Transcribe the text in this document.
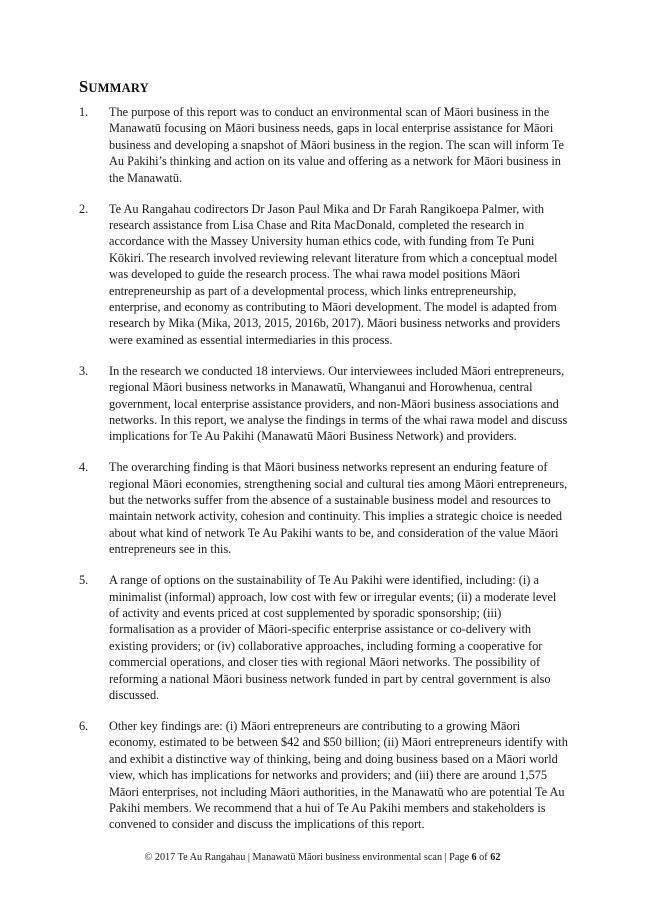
SUMMARY
1. The purpose of this report was to conduct an environmental scan of Māori business in the Manawatū focusing on Māori business needs, gaps in local enterprise assistance for Māori business and developing a snapshot of Māori business in the region. The scan will inform Te Au Pakihi’s thinking and action on its value and offering as a network for Māori business in the Manawatū.

2. Te Au Rangahau codirectors Dr Jason Paul Mika and Dr Farah Rangikoepa Palmer, with research assistance from Lisa Chase and Rita MacDonald, completed the research in accordance with the Massey University human ethics code, with funding from Te Puni Kōkiri. The research involved reviewing relevant literature from which a conceptual model was developed to guide the research process. The whai rawa model positions Māori entrepreneurship as part of a developmental process, which links entrepreneurship, enterprise, and economy as contributing to Māori development. The model is adapted from research by Mika (Mika, 2013, 2015, 2016b, 2017). Māori business networks and providers were examined as essential intermediaries in this process.

3. In the research we conducted 18 interviews. Our interviewees included Māori entrepreneurs, regional Māori business networks in Manawatū, Whanganui and Horowhenua, central government, local enterprise assistance providers, and non-Māori business associations and networks. In this report, we analyse the findings in terms of the whai rawa model and discuss implications for Te Au Pakihi (Manawatū Māori Business Network) and providers.

4. The overarching finding is that Māori business networks represent an enduring feature of regional Māori economies, strengthening social and cultural ties among Māori entrepreneurs, but the networks suffer from the absence of a sustainable business model and resources to maintain network activity, cohesion and continuity. This implies a strategic choice is needed about what kind of network Te Au Pakihi wants to be, and consideration of the value Māori entrepreneurs see in this.

5. A range of options on the sustainability of Te Au Pakihi were identified, including: (i) a minimalist (informal) approach, low cost with few or irregular events; (ii) a moderate level of activity and events priced at cost supplemented by sporadic sponsorship; (iii) formalisation as a provider of Māori-specific enterprise assistance or co-delivery with existing providers; or (iv) collaborative approaches, including forming a cooperative for commercial operations, and closer ties with regional Māori networks. The possibility of reforming a national Māori business network funded in part by central government is also discussed.

6. Other key findings are: (i) Māori entrepreneurs are contributing to a growing Māori economy, estimated to be between $42 and $50 billion; (ii) Māori entrepreneurs identify with and exhibit a distinctive way of thinking, being and doing business based on a Māori world view, which has implications for networks and providers; and (iii) there are around 1,575 Māori enterprises, not including Māori authorities, in the Manawatū who are potential Te Au Pakihi members. We recommend that a hui of Te Au Pakihi members and stakeholders is convened to consider and discuss the implications of this report.

© 2017 Te Au Rangahau | Manawatū Māori business environmental scan | Page 6 of 62
